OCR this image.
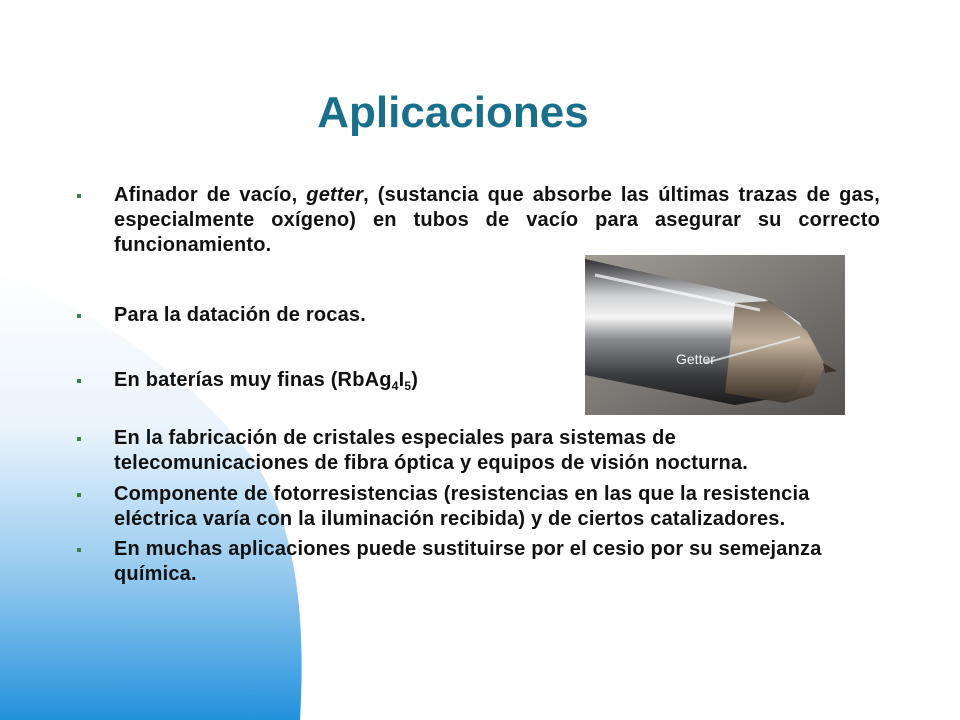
Aplicaciones
Afinador de vacío, getter, (sustancia que absorbe las últimas trazas de gas, especialmente oxígeno) en tubos de vacío para asegurar su correcto funcionamiento.
Para la datación de rocas.
En baterías muy finas $(RbAg_4I_5)$
En la fabricación de cristales especiales para sistemas de telecomunicaciones de fibra óptica y equipos de visión nocturna.
Componente de fotorresistencias (resistencias en las que la resistencia eléctrica varía con la iluminación recibida) y de ciertos catalizadores.
En muchas aplicaciones puede sustituirse por el cesio por su semejanza química.
Getter
